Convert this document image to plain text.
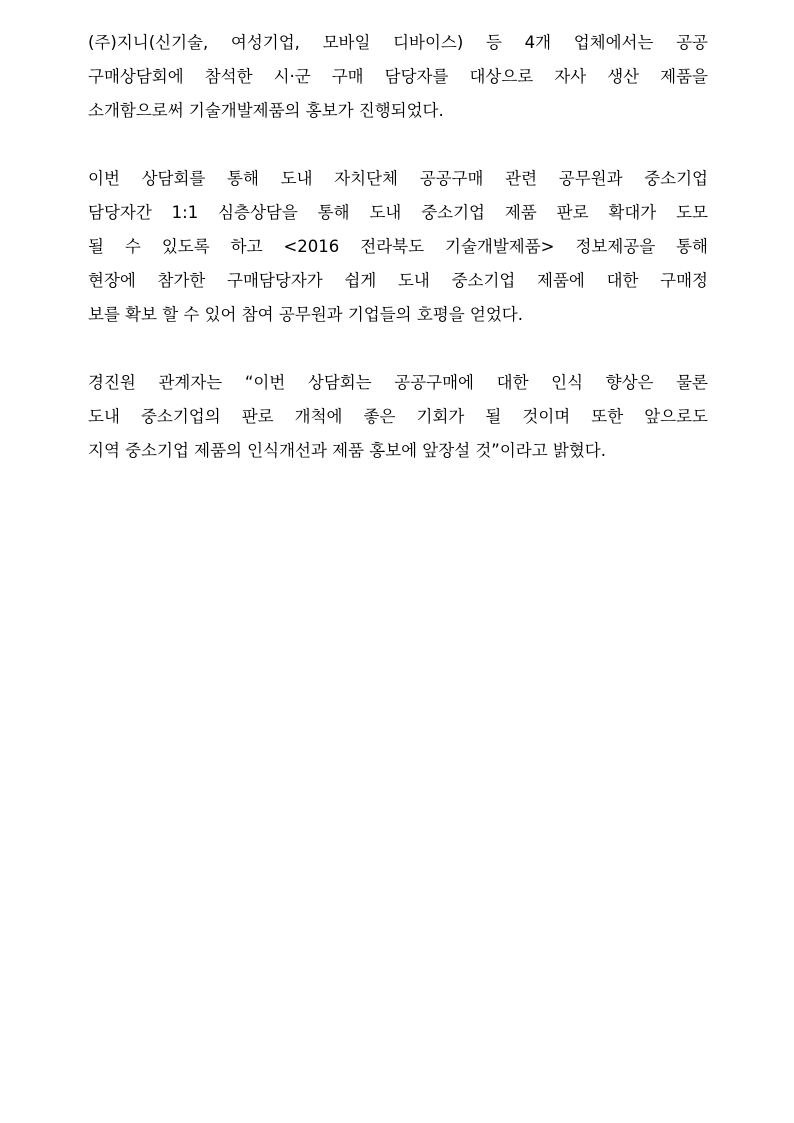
(주)지니(신기술, 여성기업, 모바일 디바이스) 등 4개 업체에서는 공공
구매상담회에 참석한 시·군 구매 담당자를 대상으로 자사 생산 제품을
소개함으로써 기술개발제품의 홍보가 진행되었다.

이번 상담회를 통해 도내 자치단체 공공구매 관련 공무원과 중소기업
담당자간 1:1 심층상담을 통해 도내 중소기업 제품 판로 확대가 도모
될 수 있도록 하고 <2016 전라북도 기술개발제품> 정보제공을 통해
현장에 참가한 구매담당자가 쉽게 도내 중소기업 제품에 대한 구매정
보를 확보 할 수 있어 참여 공무원과 기업들의 호평을 얻었다.

경진원 관계자는 “이번 상담회는 공공구매에 대한 인식 향상은 물론
도내 중소기업의 판로 개척에 좋은 기회가 될 것이며 또한 앞으로도
지역 중소기업 제품의 인식개선과 제품 홍보에 앞장설 것”이라고 밝혔다.
